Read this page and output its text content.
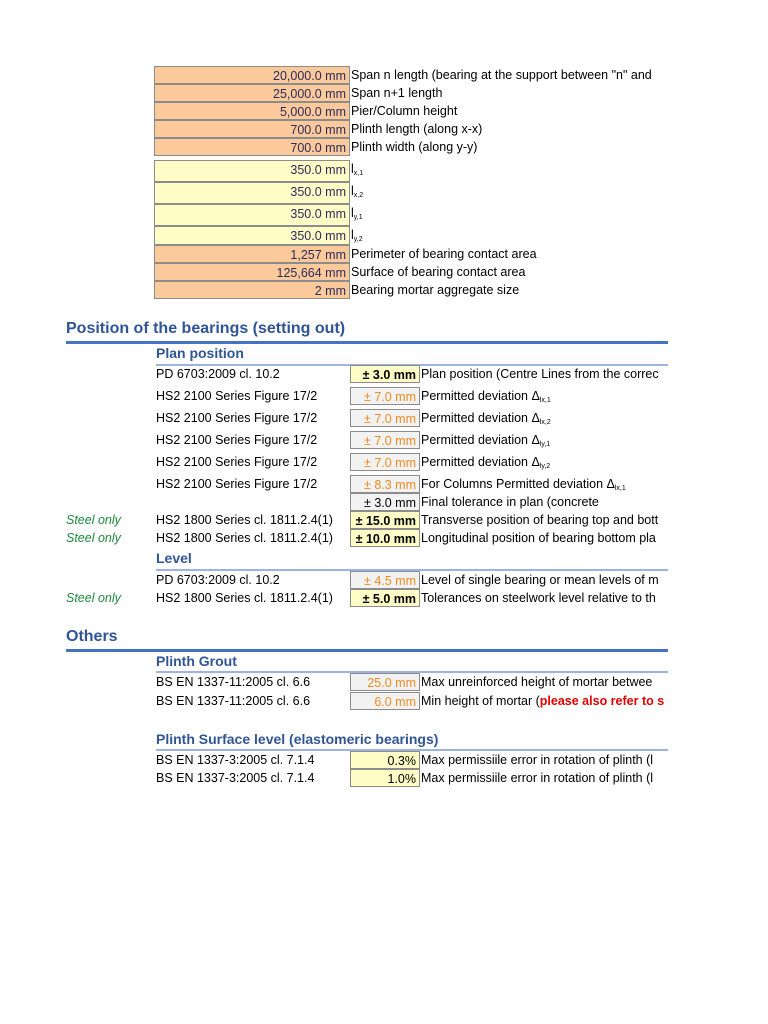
20,000.0 mm Span n length (bearing at the support between "n" and
25,000.0 mm Span n+1 length
5,000.0 mm Pier/Column height
700.0 mm Plinth length (along x-x)
700.0 mm Plinth width (along y-y)
350.0 mm $l_{x,1}$
350.0 mm $l_{x,2}$
350.0 mm $l_{y,1}$
350.0 mm $l_{y,2}$
1,257 mm Perimeter of bearing contact area
125,664 mm Surface of bearing contact area
2 mm Bearing mortar aggregate size
Position of the bearings (setting out)
Plan position
PD 6703:2009 cl. 10.2	± 3.0 mm Plan position (Centre Lines from the correc
HS2 2100 Series Figure 17/2	± 7.0 mm Permitted deviation $\Delta_{lx,1}$
HS2 2100 Series Figure 17/2	± 7.0 mm Permitted deviation $\Delta_{lx,2}$
HS2 2100 Series Figure 17/2	± 7.0 mm Permitted deviation $\Delta_{ly,1}$
HS2 2100 Series Figure 17/2	± 7.0 mm Permitted deviation $\Delta_{ly,2}$
HS2 2100 Series Figure 17/2	± 8.3 mm For Columns Permitted deviation $\Delta_{lx,1}$
± 3.0 mm Final tolerance in plan (concrete
Steel only	HS2 1800 Series cl. 1811.2.4(1)	± 15.0 mm Transverse position of bearing top and bott
Steel only	HS2 1800 Series cl. 1811.2.4(1)	± 10.0 mm Longitudinal position of bearing bottom pla
Level
PD 6703:2009 cl. 10.2	± 4.5 mm Level of single bearing or mean levels of m
Steel only	HS2 1800 Series cl. 1811.2.4(1)	± 5.0 mm Tolerances on steelwork level relative to th
Others
Plinth Grout
BS EN 1337-11:2005 cl. 6.6	25.0 mm Max unreinforced height of mortar betwee
BS EN 1337-11:2005 cl. 6.6	6.0 mm Min height of mortar (please also refer to s
Plinth Surface level (elastomeric bearings)
BS EN 1337-3:2005 cl. 7.1.4	0.3% Max permissiile error in rotation of plinth (l
BS EN 1337-3:2005 cl. 7.1.4	1.0% Max permissiile error in rotation of plinth (l
